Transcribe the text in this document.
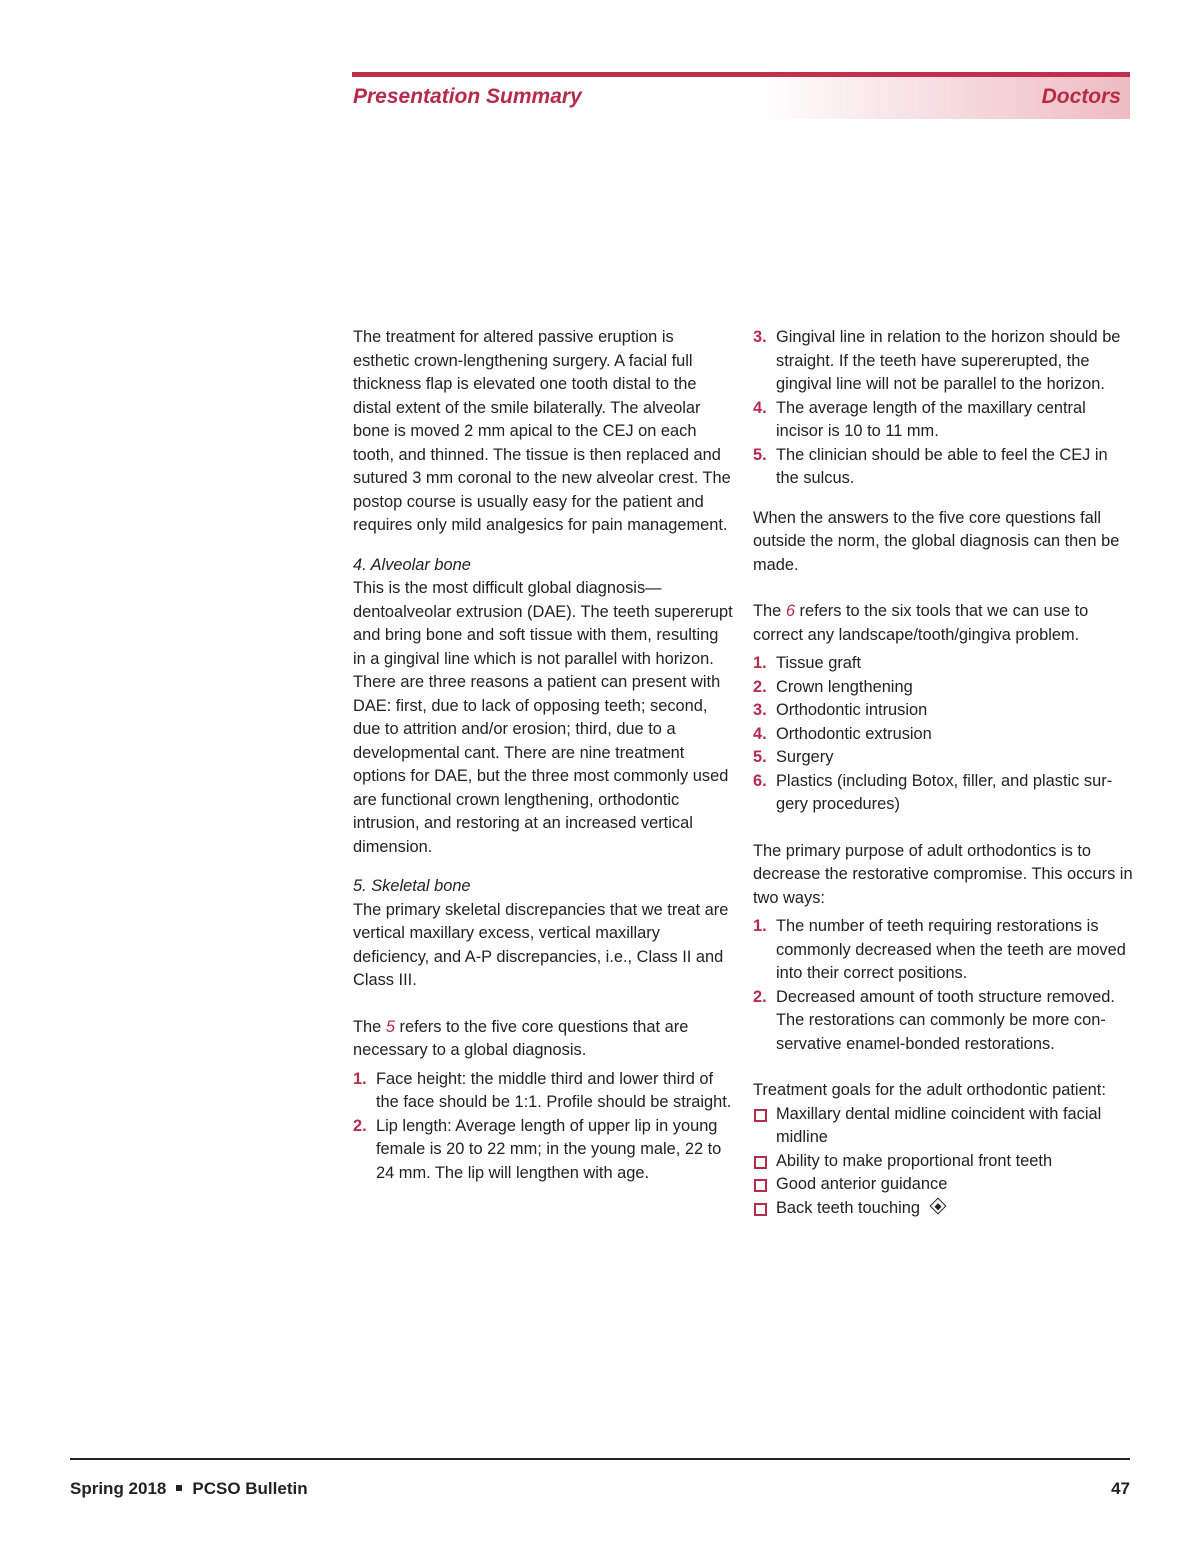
Presentation Summary	Doctors

The treatment for altered passive eruption is esthetic crown-lengthening surgery. A facial full thickness flap is elevated one tooth distal to the distal extent of the smile bilaterally. The alveolar bone is moved 2 mm apical to the CEJ on each tooth, and thinned. The tissue is then replaced and sutured 3 mm coronal to the new alveolar crest. The postop course is usually easy for the patient and requires only mild analgesics for pain management.

4. Alveolar bone

This is the most difficult global diagnosis—dentoalveolar extrusion (DAE). The teeth supererupt and bring bone and soft tissue with them, resulting in a gingival line which is not parallel with horizon. There are three reasons a patient can present with DAE: first, due to lack of opposing teeth; second, due to attrition and/or erosion; third, due to a developmental cant. There are nine treatment options for DAE, but the three most commonly used are functional crown lengthening, orthodontic intrusion, and restoring at an increased vertical dimension.

5. Skeletal bone

The primary skeletal discrepancies that we treat are vertical maxillary excess, vertical maxillary deficiency, and A-P discrepancies, i.e., Class II and Class III.

The 5 refers to the five core questions that are necessary to a global diagnosis.

1. Face height: the middle third and lower third of the face should be 1:1. Profile should be straight.
2. Lip length: Average length of upper lip in young female is 20 to 22 mm; in the young male, 22 to 24 mm. The lip will lengthen with age.
3. Gingival line in relation to the horizon should be straight. If the teeth have supererupted, the gingival line will not be parallel to the horizon.
4. The average length of the maxillary central incisor is 10 to 11 mm.
5. The clinician should be able to feel the CEJ in the sulcus.

When the answers to the five core questions fall outside the norm, the global diagnosis can then be made.

The 6 refers to the six tools that we can use to correct any landscape/tooth/gingiva problem.

1. Tissue graft
2. Crown lengthening
3. Orthodontic intrusion
4. Orthodontic extrusion
5. Surgery
6. Plastics (including Botox, filler, and plastic sur-gery procedures)

The primary purpose of adult orthodontics is to decrease the restorative compromise. This occurs in two ways:

1. The number of teeth requiring restorations is commonly decreased when the teeth are moved into their correct positions.
2. Decreased amount of tooth structure removed. The restorations can commonly be more con-servative enamel-bonded restorations.

Treatment goals for the adult orthodontic patient:

Maxillary dental midline coincident with facial midline
Ability to make proportional front teeth
Good anterior guidance
Back teeth touching
Spring 2018 PCSO Bulletin	47
